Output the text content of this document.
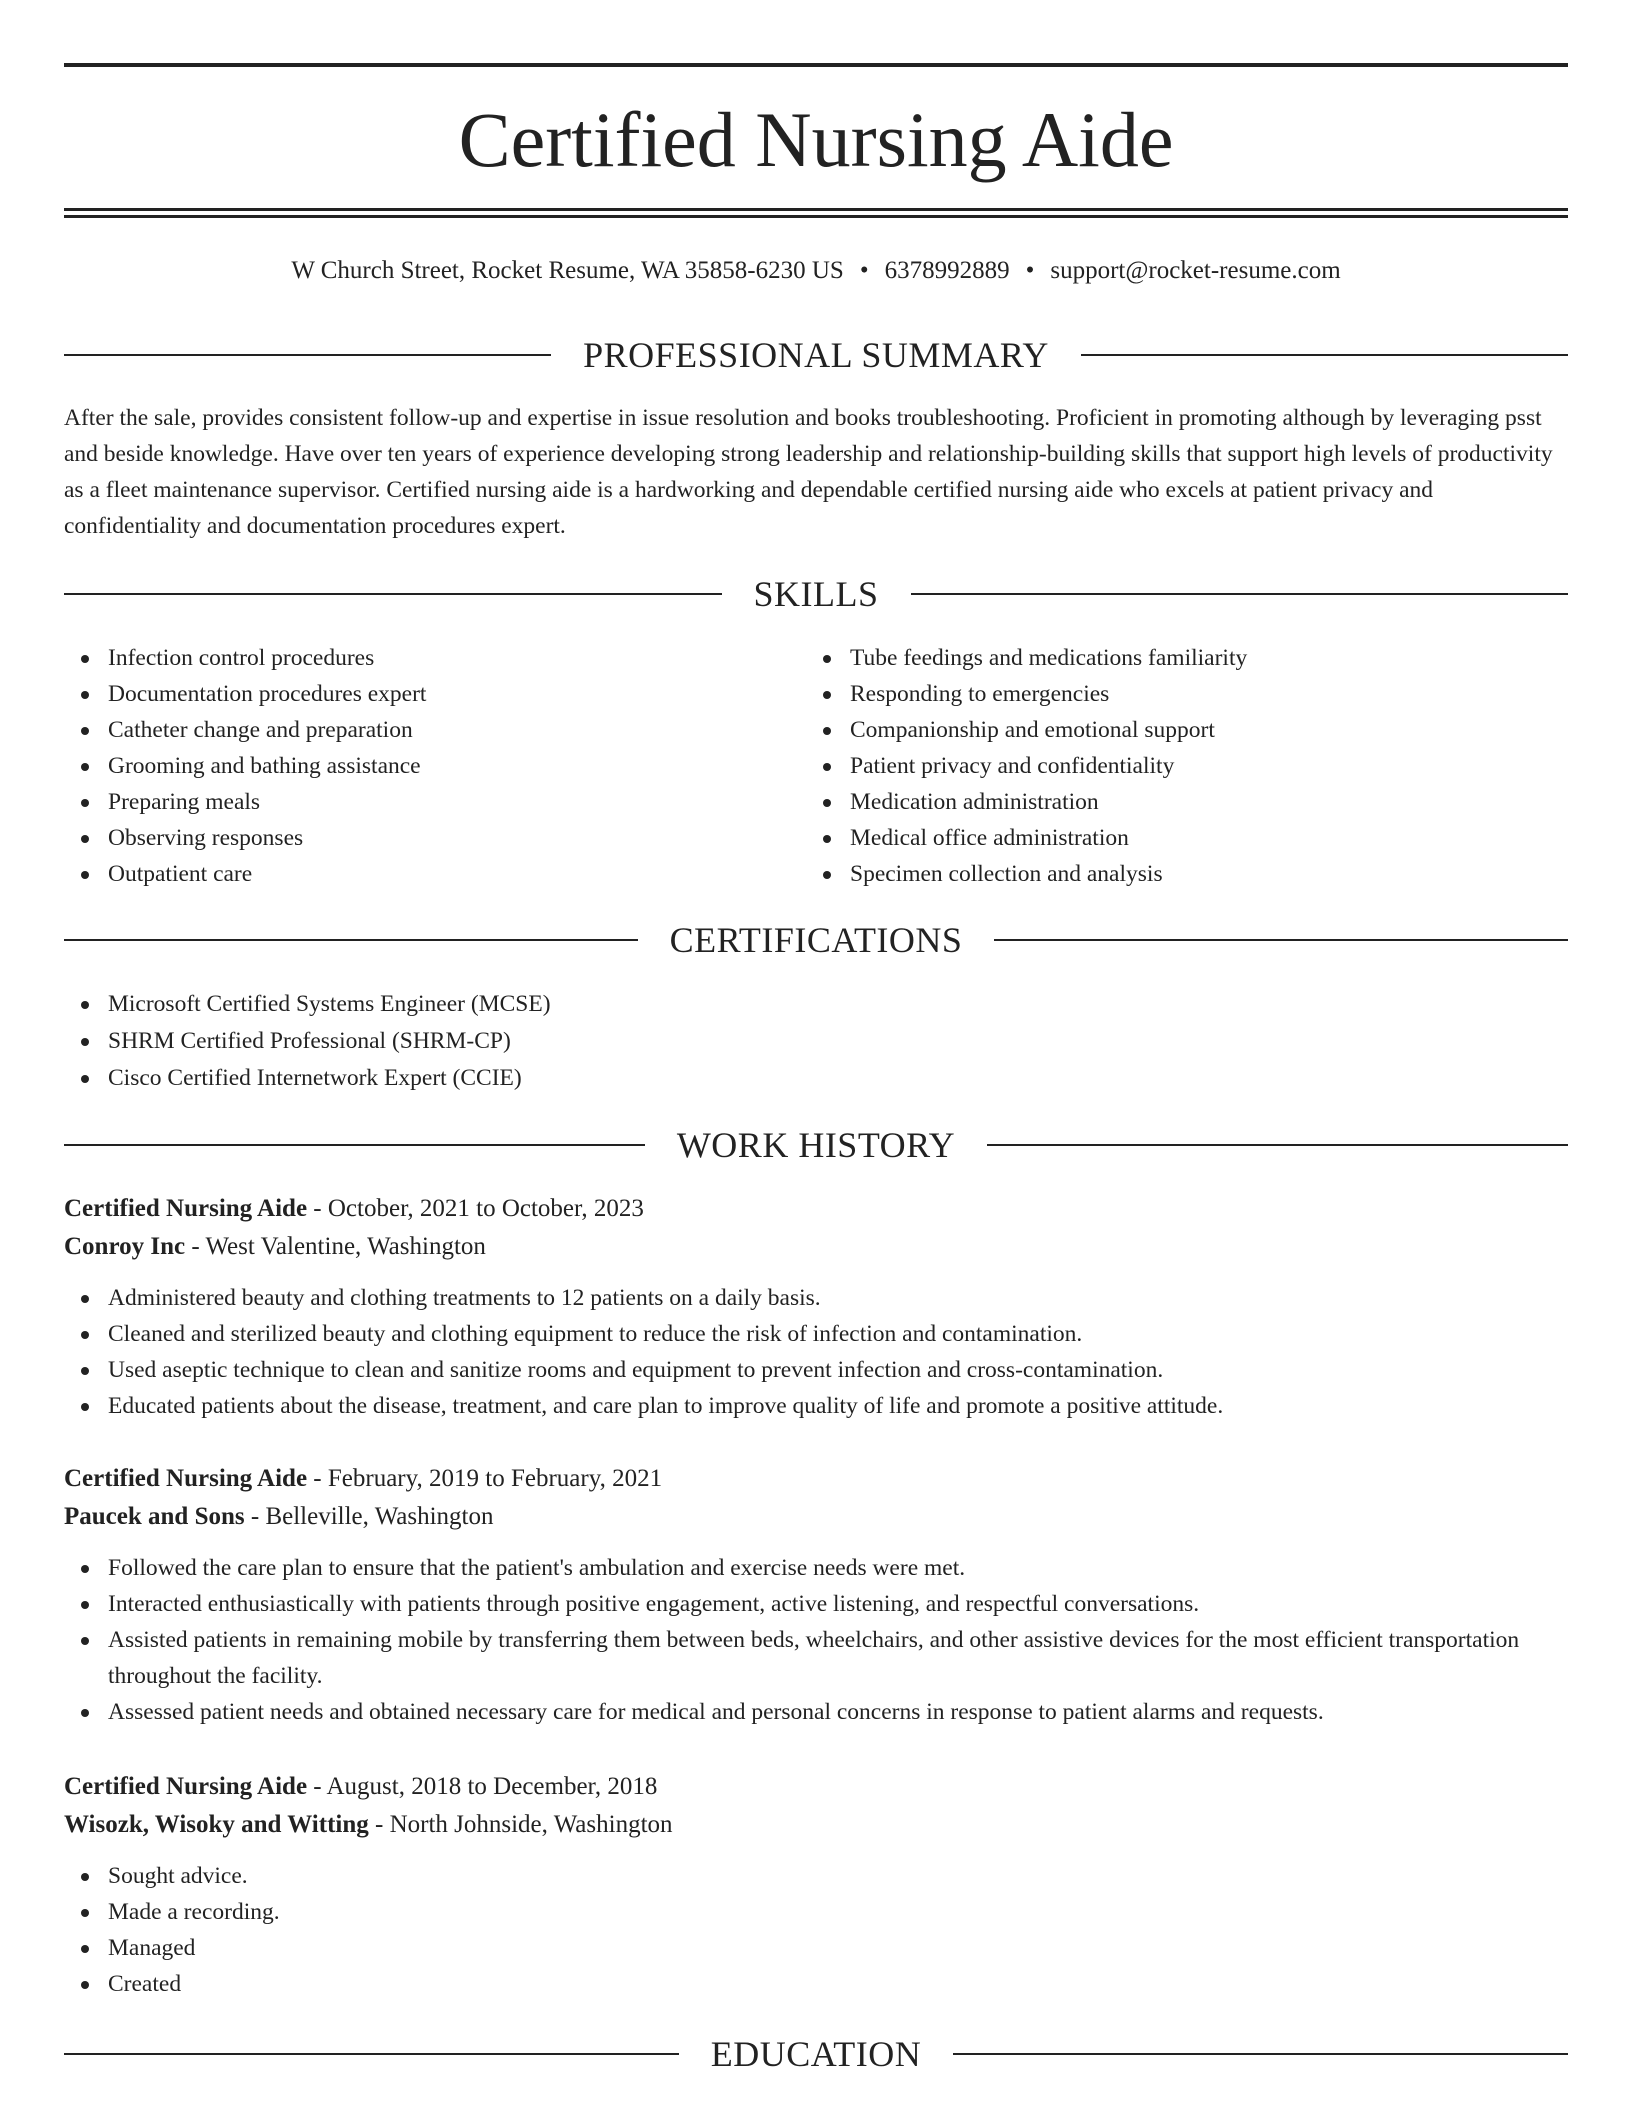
Certified Nursing Aide
W Church Street, Rocket Resume, WA 35858-6230 US • 6378992889 • support@rocket-resume.com
PROFESSIONAL SUMMARY

After the sale, provides consistent follow-up and expertise in issue resolution and books troubleshooting. Proficient in promoting although by leveraging psst and beside knowledge. Have over ten years of experience developing strong leadership and relationship-building skills that support high levels of productivity as a fleet maintenance supervisor. Certified nursing aide is a hardworking and dependable certified nursing aide who excels at patient privacy and confidentiality and documentation procedures expert.

SKILLS
Infection control procedures
Documentation procedures expert
Catheter change and preparation
Grooming and bathing assistance
Preparing meals
Observing responses
Outpatient care
Tube feedings and medications familiarity
Responding to emergencies
Companionship and emotional support
Patient privacy and confidentiality
Medication administration
Medical office administration
Specimen collection and analysis
CERTIFICATIONS
Microsoft Certified Systems Engineer (MCSE)
SHRM Certified Professional (SHRM-CP)
Cisco Certified Internetwork Expert (CCIE)
WORK HISTORY
Certified Nursing Aide - October, 2021 to October, 2023
Conroy Inc - West Valentine, Washington
Administered beauty and clothing treatments to 12 patients on a daily basis.
Cleaned and sterilized beauty and clothing equipment to reduce the risk of infection and contamination.
Used aseptic technique to clean and sanitize rooms and equipment to prevent infection and cross-contamination.
Educated patients about the disease, treatment, and care plan to improve quality of life and promote a positive attitude.
Certified Nursing Aide - February, 2019 to February, 2021
Paucek and Sons - Belleville, Washington
Followed the care plan to ensure that the patient's ambulation and exercise needs were met.
Interacted enthusiastically with patients through positive engagement, active listening, and respectful conversations.
Assisted patients in remaining mobile by transferring them between beds, wheelchairs, and other assistive devices for the most efficient transportation throughout the facility.
Assessed patient needs and obtained necessary care for medical and personal concerns in response to patient alarms and requests.
Certified Nursing Aide - August, 2018 to December, 2018
Wisozk, Wisoky and Witting - North Johnside, Washington
Sought advice.
Made a recording.
Managed
Created
EDUCATION
